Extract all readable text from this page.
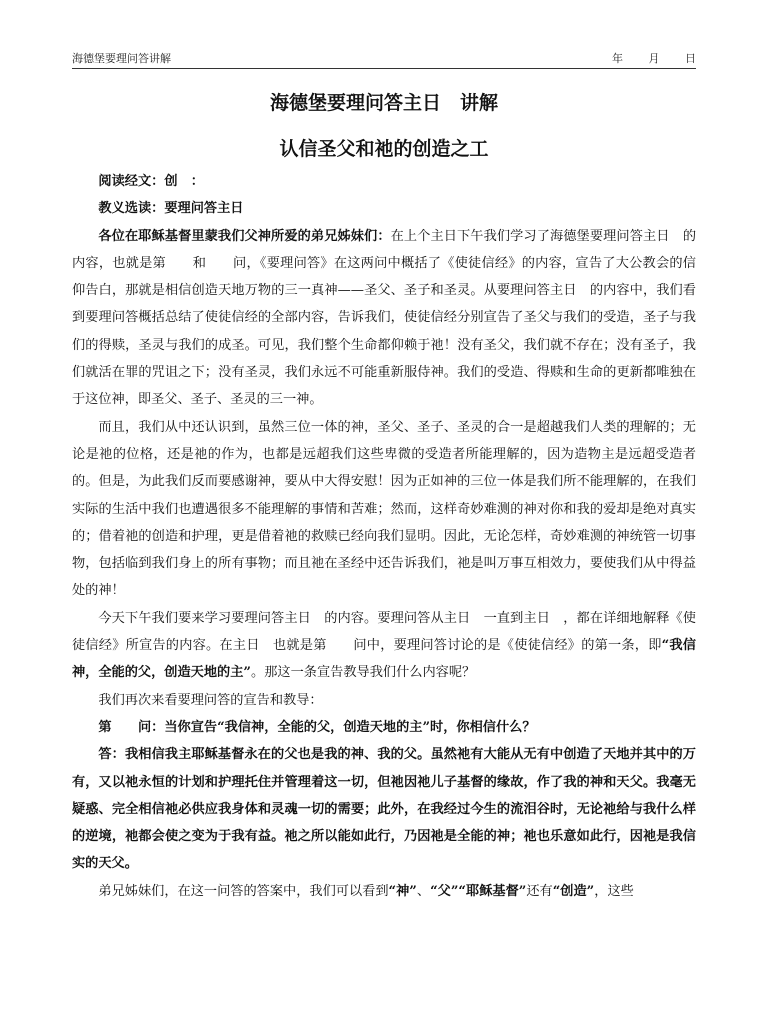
海德堡要理问答讲解	年 月 日
海德堡要理问答主日　讲解
认信圣父和祂的创造之工

阅读经文：创　：

教义选读：要理问答主日

各位在耶稣基督里蒙我们父神所爱的弟兄姊妹们：在上个主日下午我们学习了海德堡要理问答主日　的内容，也就是第　　和　　问，《要理问答》在这两问中概括了《使徒信经》的内容，宣告了大公教会的信仰告白，那就是相信创造天地万物的三一真神——圣父、圣子和圣灵。从要理问答主日　的内容中，我们看到要理问答概括总结了使徒信经的全部内容，告诉我们，使徒信经分别宣告了圣父与我们的受造，圣子与我们的得赎，圣灵与我们的成圣。可见，我们整个生命都仰赖于祂！没有圣父，我们就不存在；没有圣子，我们就活在罪的咒诅之下；没有圣灵，我们永远不可能重新服侍神。我们的受造、得赎和生命的更新都唯独在于这位神，即圣父、圣子、圣灵的三一神。

而且，我们从中还认识到，虽然三位一体的神，圣父、圣子、圣灵的合一是超越我们人类的理解的；无论是祂的位格，还是祂的作为，也都是远超我们这些卑微的受造者所能理解的，因为造物主是远超受造者的。但是，为此我们反而要感谢神，要从中大得安慰！因为正如神的三位一体是我们所不能理解的，在我们实际的生活中我们也遭遇很多不能理解的事情和苦难；然而，这样奇妙难测的神对你和我的爱却是绝对真实的；借着祂的创造和护理，更是借着祂的救赎已经向我们显明。因此，无论怎样，奇妙难测的神统管一切事物，包括临到我们身上的所有事物；而且祂在圣经中还告诉我们，祂是叫万事互相效力，要使我们从中得益处的神！

今天下午我们要来学习要理问答主日　的内容。要理问答从主日　一直到主日　，都在详细地解释《使徒信经》所宣告的内容。在主日　也就是第　　问中，要理问答讨论的是《使徒信经》的第一条，即“我信神，全能的父，创造天地的主”。那这一条宣告教导我们什么内容呢？

我们再次来看要理问答的宣告和教导：

第　　问：当你宣告“我信神，全能的父，创造天地的主”时，你相信什么？

答：我相信我主耶稣基督永在的父也是我的神、我的父。虽然祂有大能从无有中创造了天地并其中的万有，又以祂永恒的计划和护理托住并管理着这一切，但祂因祂儿子基督的缘故，作了我的神和天父。我毫无疑惑、完全相信祂必供应我身体和灵魂一切的需要；此外，在我经过今生的流泪谷时，无论祂给与我什么样的逆境，祂都会使之变为于我有益。祂之所以能如此行，乃因祂是全能的神；祂也乐意如此行，因祂是我信实的天父。

弟兄姊妹们，在这一问答的答案中，我们可以看到“神”、“父”“耶稣基督”还有“创造”，这些
